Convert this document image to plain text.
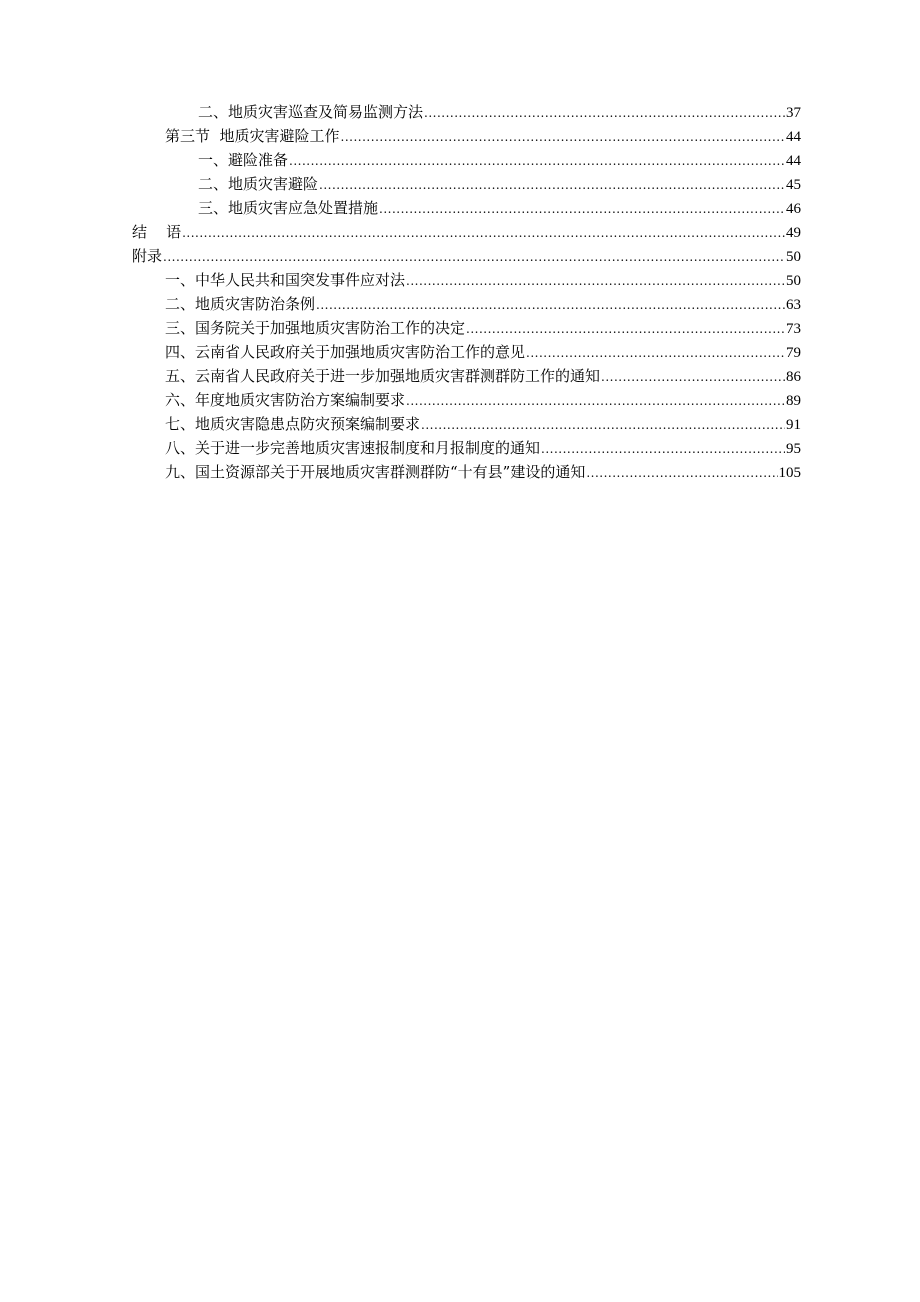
二、地质灾害巡查及简易监测方法 .....	37
第三节  地质灾害避险工作 .....	44
一、避险准备 .....	44
二、地质灾害避险 .....	45
三、地质灾害应急处置措施 .....	46
结    语 .....	49
附录 .....	50
一、中华人民共和国突发事件应对法 .....	50
二、地质灾害防治条例 .....	63
三、国务院关于加强地质灾害防治工作的决定 .....	73
四、云南省人民政府关于加强地质灾害防治工作的意见 .....	79
五、云南省人民政府关于进一步加强地质灾害群测群防工作的通知 .....	86
六、年度地质灾害防治方案编制要求 .....	89
七、地质灾害隐患点防灾预案编制要求 .....	91
八、关于进一步完善地质灾害速报制度和月报制度的通知 .....	95
九、国土资源部关于开展地质灾害群测群防“十有县”建设的通知 .....	105
